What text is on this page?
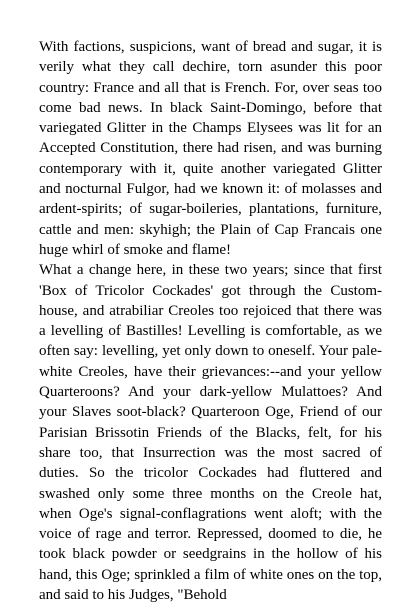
With factions, suspicions, want of bread and sugar, it is verily what they call dechire, torn asunder this poor country: France and all that is French. For, over seas too come bad news. In black Saint-Domingo, before that variegated Glitter in the Champs Elysees was lit for an Accepted Constitution, there had risen, and was burning contemporary with it, quite another variegated Glitter and nocturnal Fulgor, had we known it: of molasses and ardent-spirits; of sugar-boileries, plantations, furniture, cattle and men: skyhigh; the Plain of Cap Francais one huge whirl of smoke and flame!

What a change here, in these two years; since that first 'Box of Tricolor Cockades' got through the Custom-house, and atrabiliar Creoles too rejoiced that there was a levelling of Bastilles! Levelling is comfortable, as we often say: levelling, yet only down to oneself. Your pale-white Creoles, have their grievances:--and your yellow Quarteroons? And your dark-yellow Mulattoes? And your Slaves soot-black? Quarteroon Oge, Friend of our Parisian Brissotin Friends of the Blacks, felt, for his share too, that Insurrection was the most sacred of duties. So the tricolor Cockades had fluttered and swashed only some three months on the Creole hat, when Oge's signal-conflagrations went aloft; with the voice of rage and terror. Repressed, doomed to die, he took black powder or seedgrains in the hollow of his hand, this Oge; sprinkled a film of white ones on the top, and said to his Judges, "Behold
